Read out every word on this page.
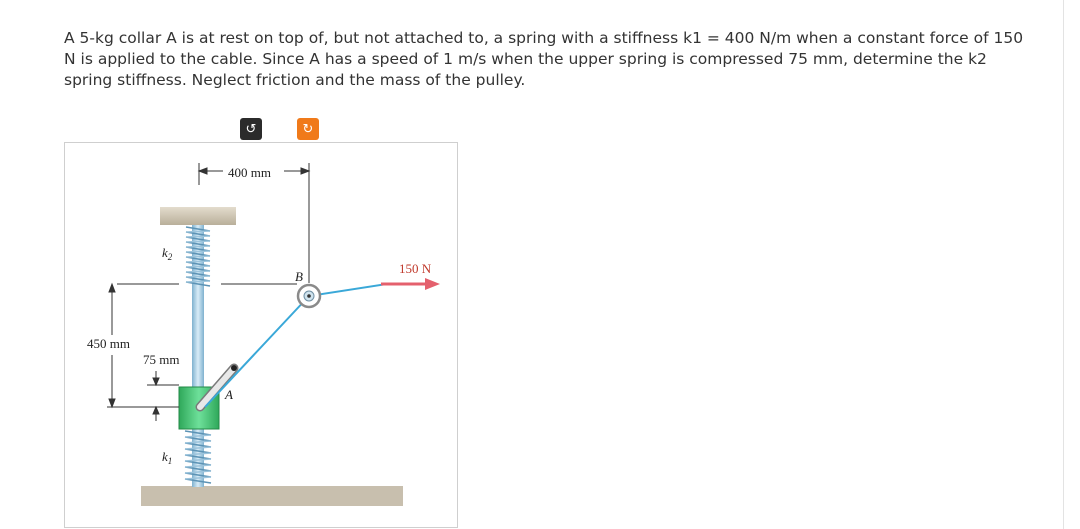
A 5-kg collar A is at rest on top of, but not attached to, a spring with a stiffness k1 = 400 N/m when a constant force of 150 N is applied to the cable. Since A has a speed of 1 m/s when the upper spring is compressed 75 mm, determine the k2 spring stiffness. Neglect friction and the mass of the pulley.

↺	↻
400 mm
450 mm
75 mm
150 N
B
A
$k_2$
$k_1$
